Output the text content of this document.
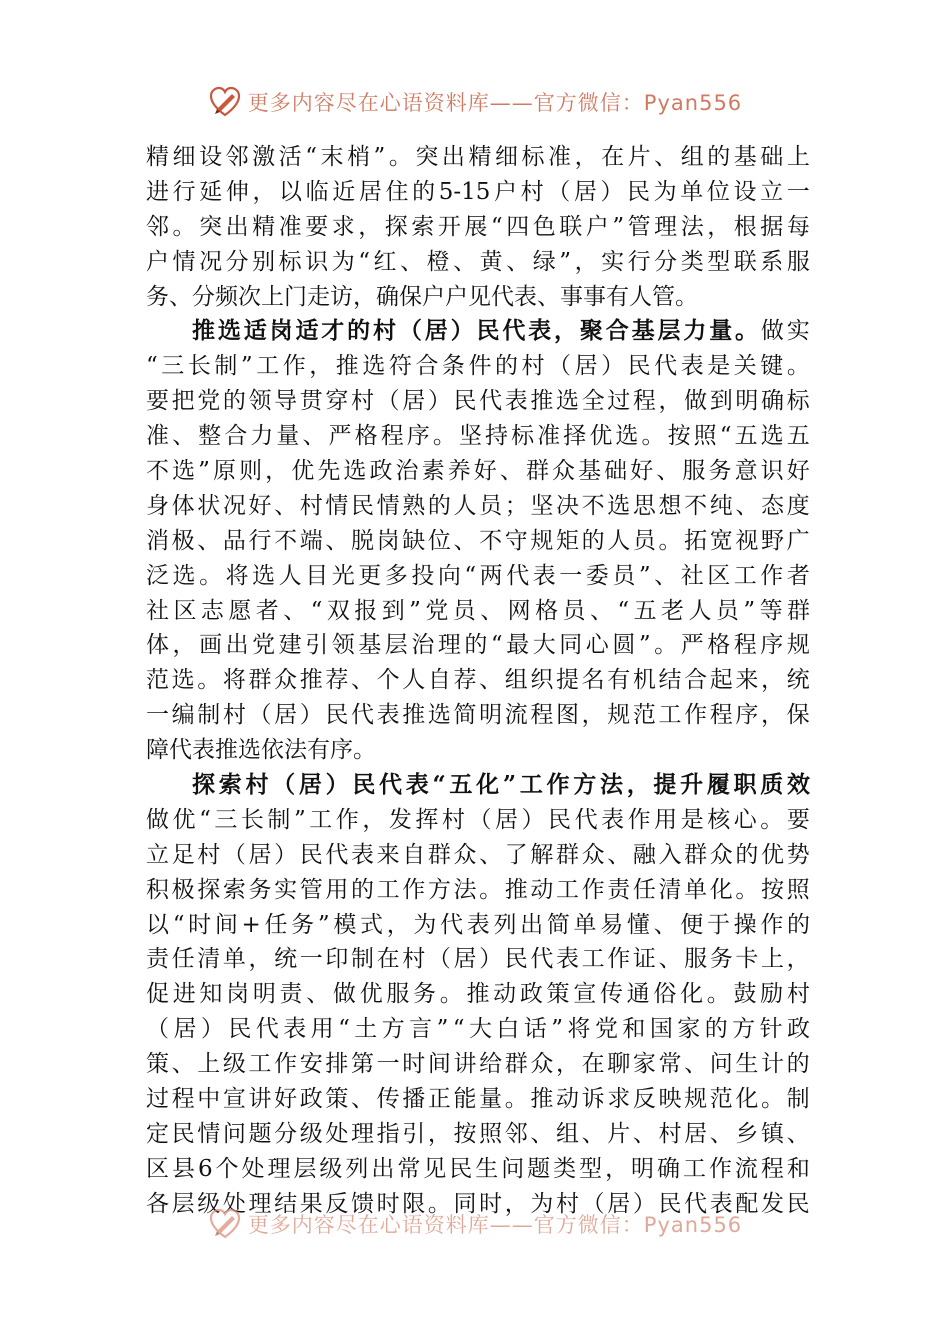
更多内容尽在心语资料库——官方微信：Pyan556
精 细 设 邻 激 活 “ 末 梢 ” 。 突 出 精 细 标 准 ， 在 片 、 组 的 基 础 上
进 行 延 伸 ， 以 临 近 居 住 的 5-15 户 村 （ 居 ） 民 为 单 位 设 立 一
邻 。 突 出 精 准 要 求 ， 探 索 开 展 “ 四 色 联 户 ” 管 理 法 ， 根 据 每
户 情 况 分 别 标 识 为 “ 红 、 橙 、 黄 、 绿 ” ， 实 行 分 类 型 联 系 服
务 、 分 频 次 上 门 走 访 ， 确 保 户 户 见 代 表 、 事 事 有 人 管 。
推 选 适 岗 适 才 的 村 （ 居 ） 民 代 表 ， 聚 合 基 层 力 量 。 做 实
“ 三 长 制 ” 工 作 ， 推 选 符 合 条 件 的 村 （ 居 ） 民 代 表 是 关 键 。
要 把 党 的 领 导 贯 穿 村 （ 居 ） 民 代 表 推 选 全 过 程 ， 做 到 明 确 标
准 、 整 合 力 量 、 严 格 程 序 。 坚 持 标 准 择 优 选 。 按 照 “ 五 选 五
不 选 ” 原 则 ， 优 先 选 政 治 素 养 好 、 群 众 基 础 好 、 服 务 意 识 好
身 体 状 况 好 、 村 情 民 情 熟 的 人 员 ； 坚 决 不 选 思 想 不 纯 、 态 度
消 极 、 品 行 不 端 、 脱 岗 缺 位 、 不 守 规 矩 的 人 员 。 拓 宽 视 野 广
泛 选 。 将 选 人 目 光 更 多 投 向 “ 两 代 表 一 委 员 ” 、 社 区 工 作 者
社 区 志 愿 者 、 “ 双 报 到 ” 党 员 、 网 格 员 、 “ 五 老 人 员 ” 等 群
体 ， 画 出 党 建 引 领 基 层 治 理 的 “ 最 大 同 心 圆 ” 。 严 格 程 序 规
范 选 。 将 群 众 推 荐 、 个 人 自 荐 、 组 织 提 名 有 机 结 合 起 来 ， 统
一 编 制 村 （ 居 ） 民 代 表 推 选 简 明 流 程 图 ， 规 范 工 作 程 序 ， 保
障 代 表 推 选 依 法 有 序 。
探 索 村 （ 居 ） 民 代 表 “ 五 化 ” 工 作 方 法 ， 提 升 履 职 质 效
做 优 “ 三 长 制 ” 工 作 ， 发 挥 村 （ 居 ） 民 代 表 作 用 是 核 心 。 要
立 足 村 （ 居 ） 民 代 表 来 自 群 众 、 了 解 群 众 、 融 入 群 众 的 优 势
积 极 探 索 务 实 管 用 的 工 作 方 法 。 推 动 工 作 责 任 清 单 化 。 按 照
以 “ 时 间 + 任 务 ” 模 式 ， 为 代 表 列 出 简 单 易 懂 、 便 于 操 作 的
责 任 清 单 ， 统 一 印 制 在 村 （ 居 ） 民 代 表 工 作 证 、 服 务 卡 上 ，
促 进 知 岗 明 责 、 做 优 服 务 。 推 动 政 策 宣 传 通 俗 化 。 鼓 励 村
（ 居 ） 民 代 表 用 “ 土 方 言 ” “ 大 白 话 ” 将 党 和 国 家 的 方 针 政
策 、 上 级 工 作 安 排 第 一 时 间 讲 给 群 众 ， 在 聊 家 常 、 问 生 计 的
过 程 中 宣 讲 好 政 策 、 传 播 正 能 量 。 推 动 诉 求 反 映 规 范 化 。 制
定 民 情 问 题 分 级 处 理 指 引 ， 按 照 邻 、 组 、 片 、 村 居 、 乡 镇 、
区 县 6 个 处 理 层 级 列 出 常 见 民 生 问 题 类 型 ， 明 确 工 作 流 程 和
各 层 级 处 理 结 果 反 馈 时 限 。 同 时 ， 为 村 （ 居 ） 民 代 表 配 发 民
更多内容尽在心语资料库——官方微信：Pyan556
